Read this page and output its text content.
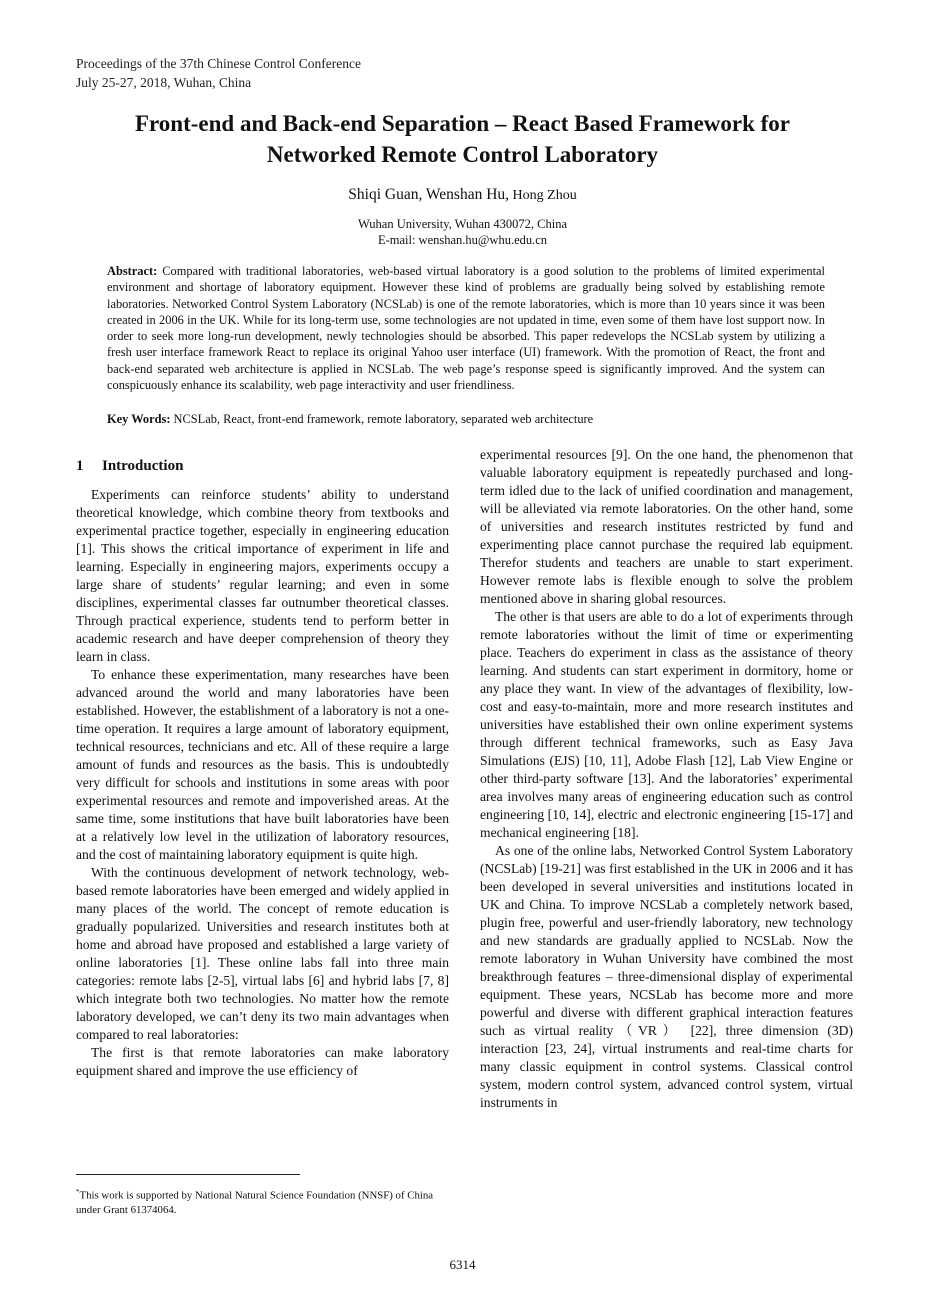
Proceedings of the 37th Chinese Control Conference
July 25-27, 2018, Wuhan, China
Front-end and Back-end Separation – React Based Framework for
Networked Remote Control Laboratory
Shiqi Guan, Wenshan Hu, Hong Zhou
Wuhan University, Wuhan 430072, China
E-mail: wenshan.hu@whu.edu.cn

Abstract: Compared with traditional laboratories, web-based virtual laboratory is a good solution to the problems of limited experimental environment and shortage of laboratory equipment. However these kind of problems are gradually being solved by establishing remote laboratories. Networked Control System Laboratory (NCSLab) is one of the remote laboratories, which is more than 10 years since it was been created in 2006 in the UK. While for its long-term use, some technologies are not updated in time, even some of them have lost support now. In order to seek more long-run development, newly technologies should be absorbed. This paper redevelops the NCSLab system by utilizing a fresh user interface framework React to replace its original Yahoo user interface (UI) framework. With the promotion of React, the front and back-end separated web architecture is applied in NCSLab. The web page’s response speed is significantly improved. And the system can conspicuously enhance its scalability, web page interactivity and user friendliness.

Key Words: NCSLab, React, front-end framework, remote laboratory, separated web architecture
1 Introduction

Experiments can reinforce students’ ability to understand theoretical knowledge, which combine theory from textbooks and experimental practice together, especially in engineering education [1]. This shows the critical importance of experiment in life and learning. Especially in engineering majors, experiments occupy a large share of students’ regular learning; and even in some disciplines, experimental classes far outnumber theoretical classes. Through practical experience, students tend to perform better in academic research and have deeper comprehension of theory they learn in class.

To enhance these experimentation, many researches have been advanced around the world and many laboratories have been established. However, the establishment of a laboratory is not a one-time operation. It requires a large amount of laboratory equipment, technical resources, technicians and etc. All of these require a large amount of funds and resources as the basis. This is undoubtedly very difficult for schools and institutions in some areas with poor experimental resources and remote and impoverished areas. At the same time, some institutions that have built laboratories have been at a relatively low level in the utilization of laboratory resources, and the cost of maintaining laboratory equipment is quite high.

With the continuous development of network technology, web-based remote laboratories have been emerged and widely applied in many places of the world. The concept of remote education is gradually popularized. Universities and research institutes both at home and abroad have proposed and established a large variety of online laboratories [1]. These online labs fall into three main categories: remote labs [2-5], virtual labs [6] and hybrid labs [7, 8] which integrate both two technologies. No matter how the remote laboratory developed, we can’t deny its two main advantages when compared to real laboratories:

The first is that remote laboratories can make laboratory equipment shared and improve the use efficiency of

experimental resources [9]. On the one hand, the phenomenon that valuable laboratory equipment is repeatedly purchased and long-term idled due to the lack of unified coordination and management, will be alleviated via remote laboratories. On the other hand, some of universities and research institutes restricted by fund and experimenting place cannot purchase the required lab equipment. Therefor students and teachers are unable to start experiment. However remote labs is flexible enough to solve the problem mentioned above in sharing global resources.

The other is that users are able to do a lot of experiments through remote laboratories without the limit of time or experimenting place. Teachers do experiment in class as the assistance of theory learning. And students can start experiment in dormitory, home or any place they want. In view of the advantages of flexibility, low-cost and easy-to-maintain, more and more research institutes and universities have established their own online experiment systems through different technical frameworks, such as Easy Java Simulations (EJS) [10, 11], Adobe Flash [12], Lab View Engine or other third-party software [13]. And the laboratories’ experimental area involves many areas of engineering education such as control engineering [10, 14], electric and electronic engineering [15-17] and mechanical engineering [18].

As one of the online labs, Networked Control System Laboratory (NCSLab) [19-21] was first established in the UK in 2006 and it has been developed in several universities and institutions located in UK and China. To improve NCSLab a completely network based, plugin free, powerful and user-friendly laboratory, new technology and new standards are gradually applied to NCSLab. Now the remote laboratory in Wuhan University have combined the most breakthrough features – three-dimensional display of experimental equipment. These years, NCSLab has become more and more powerful and diverse with different graphical interaction features such as virtual reality（VR） [22], three dimension (3D) interaction [23, 24], virtual instruments and real-time charts for many classic equipment in control systems. Classical control system, modern control system, advanced control system, virtual instruments in

*This work is supported by National Natural Science Foundation (NNSF) of China under Grant 61374064.
6314
